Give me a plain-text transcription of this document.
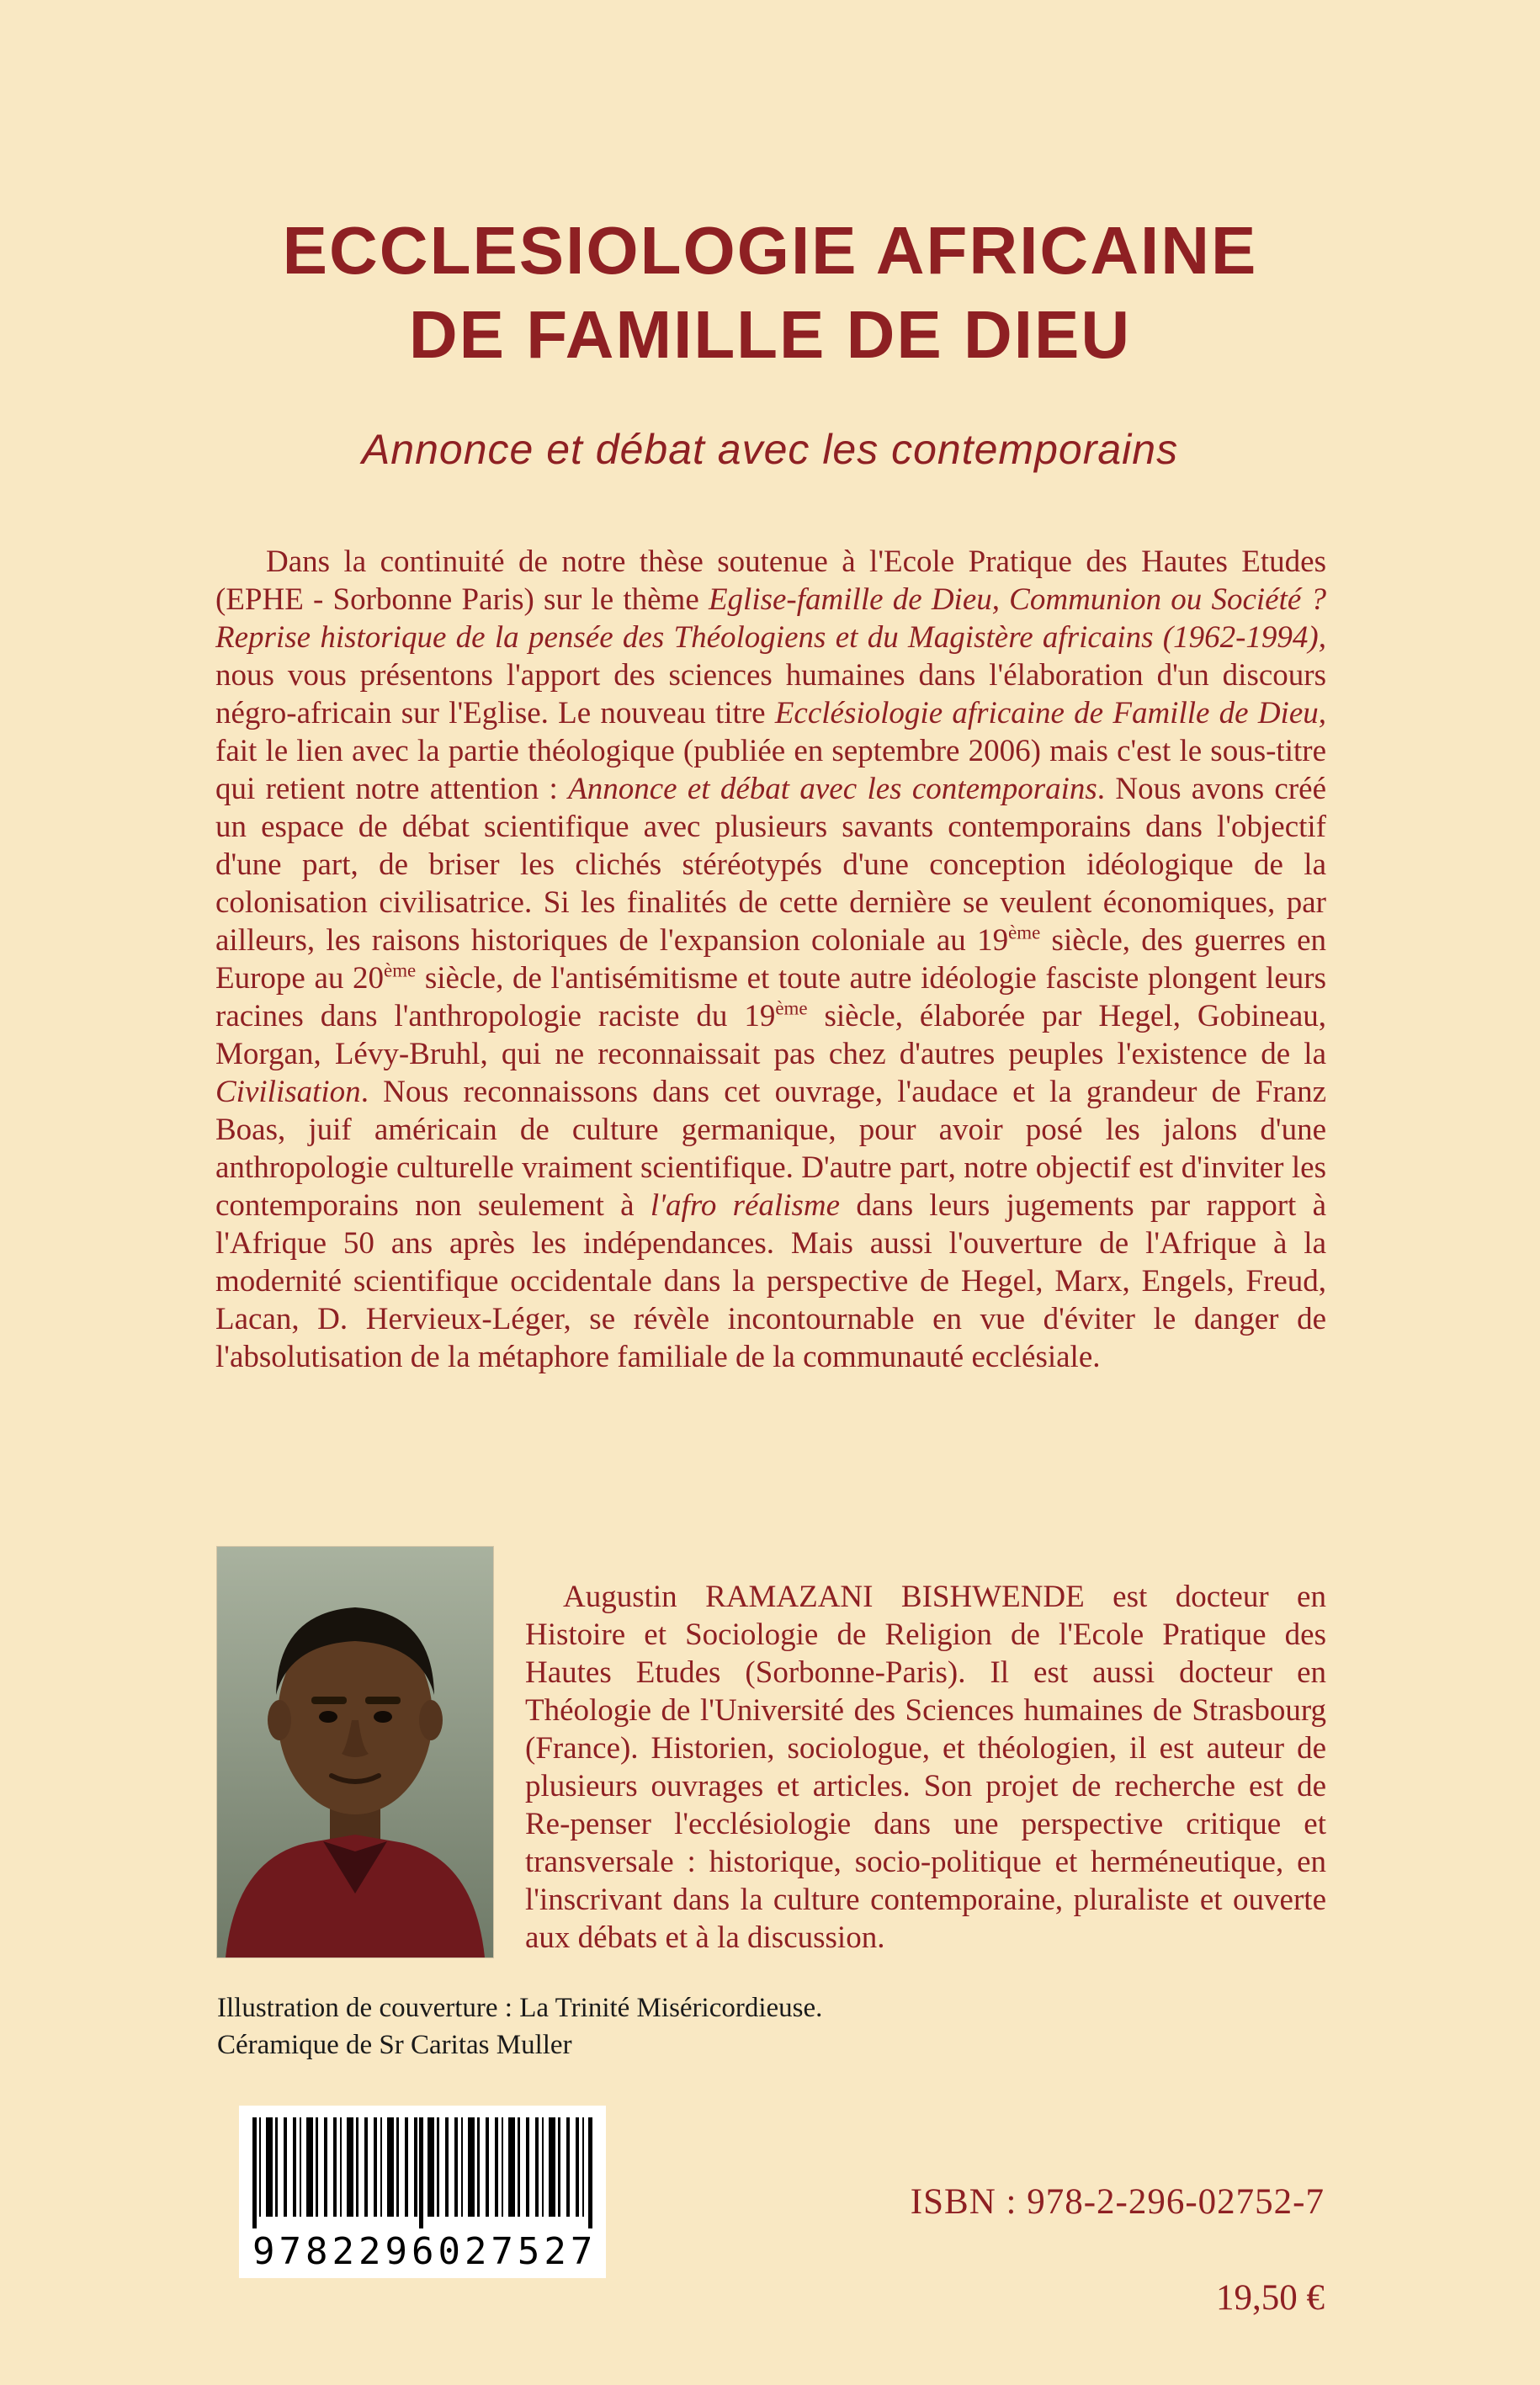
ECCLESIOLOGIE AFRICAINE
DE FAMILLE DE DIEU
Annonce et débat avec les contemporains

Dans la continuité de notre thèse soutenue à l'Ecole Pratique des Hautes Etudes (EPHE - Sorbonne Paris) sur le thème Eglise-famille de Dieu, Communion ou Société ? Reprise historique de la pensée des Théologiens et du Magistère africains (1962-1994), nous vous présentons l'apport des sciences humaines dans l'élaboration d'un discours négro-africain sur l'Eglise. Le nouveau titre Ecclésiologie africaine de Famille de Dieu, fait le lien avec la partie théologique (publiée en septembre 2006) mais c'est le sous-titre qui retient notre attention : Annonce et débat avec les contemporains. Nous avons créé un espace de débat scientifique avec plusieurs savants contemporains dans l'objectif d'une part, de briser les clichés stéréotypés d'une conception idéologique de la colonisation civilisatrice. Si les finalités de cette dernière se veulent économiques, par ailleurs, les raisons historiques de l'expansion coloniale au 19ème siècle, des guerres en Europe au 20ème siècle, de l'antisémitisme et toute autre idéologie fasciste plongent leurs racines dans l'anthropologie raciste du 19ème siècle, élaborée par Hegel, Gobineau, Morgan, Lévy-Bruhl, qui ne reconnaissait pas chez d'autres peuples l'existence de la Civilisation. Nous reconnaissons dans cet ouvrage, l'audace et la grandeur de Franz Boas, juif américain de culture germanique, pour avoir posé les jalons d'une anthropologie culturelle vraiment scientifique. D'autre part, notre objectif est d'inviter les contemporains non seulement à l'afro réalisme dans leurs jugements par rapport à l'Afrique 50 ans après les indépendances. Mais aussi l'ouverture de l'Afrique à la modernité scientifique occidentale dans la perspective de Hegel, Marx, Engels, Freud, Lacan, D. Hervieux-Léger, se révèle incontournable en vue d'éviter le danger de l'absolutisation de la métaphore familiale de la communauté ecclésiale.

Augustin RAMAZANI BISHWENDE est docteur en Histoire et Sociologie de Religion de l'Ecole Pratique des Hautes Etudes (Sorbonne-Paris). Il est aussi docteur en Théologie de l'Université des Sciences humaines de Strasbourg (France). Historien, sociologue, et théologien, il est auteur de plusieurs ouvrages et articles. Son projet de recherche est de Re-penser l'ecclésiologie dans une perspective critique et transversale : historique, socio-politique et herméneutique, en l'inscrivant dans la culture contemporaine, pluraliste et ouverte aux débats et à la discussion.

Illustration de couverture : La Trinité Miséricordieuse.
Céramique de Sr Caritas Muller
9 782296 027527
ISBN : 978-2-296-02752-7
19,50 €
